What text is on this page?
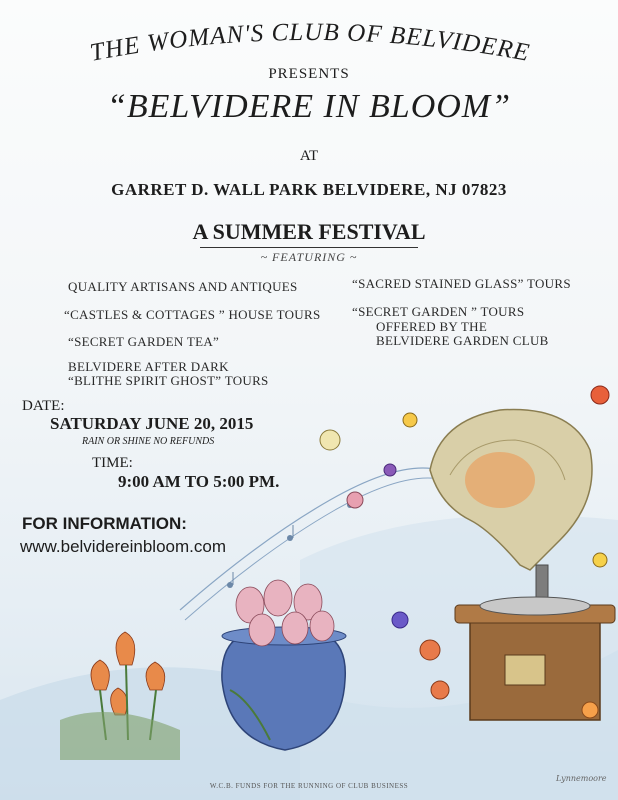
THE WOMAN'S CLUB OF BELVIDERE
PRESENTS
“BELVIDERE IN BLOOM”
AT
GARRET D. WALL PARK BELVIDERE, NJ 07823
A SUMMER FESTIVAL
~ FEATURING ~
QUALITY ARTISANS AND ANTIQUES
“CASTLES & COTTAGES ” HOUSE TOURS
“SECRET GARDEN TEA”
BELVIDERE AFTER DARK
“BLITHE SPIRIT GHOST” TOURS
“SACRED STAINED GLASS” TOURS
“SECRET GARDEN ” TOURS
OFFERED BY THE
BELVIDERE GARDEN CLUB
DATE:
SATURDAY JUNE 20, 2015
RAIN OR SHINE NO REFUNDS
TIME:
9:00 AM TO 5:00 PM.
FOR INFORMATION:
www.belvidereinbloom.com
W.C.B. FUNDS FOR THE RUNNING OF CLUB BUSINESS
Lynnemoore
